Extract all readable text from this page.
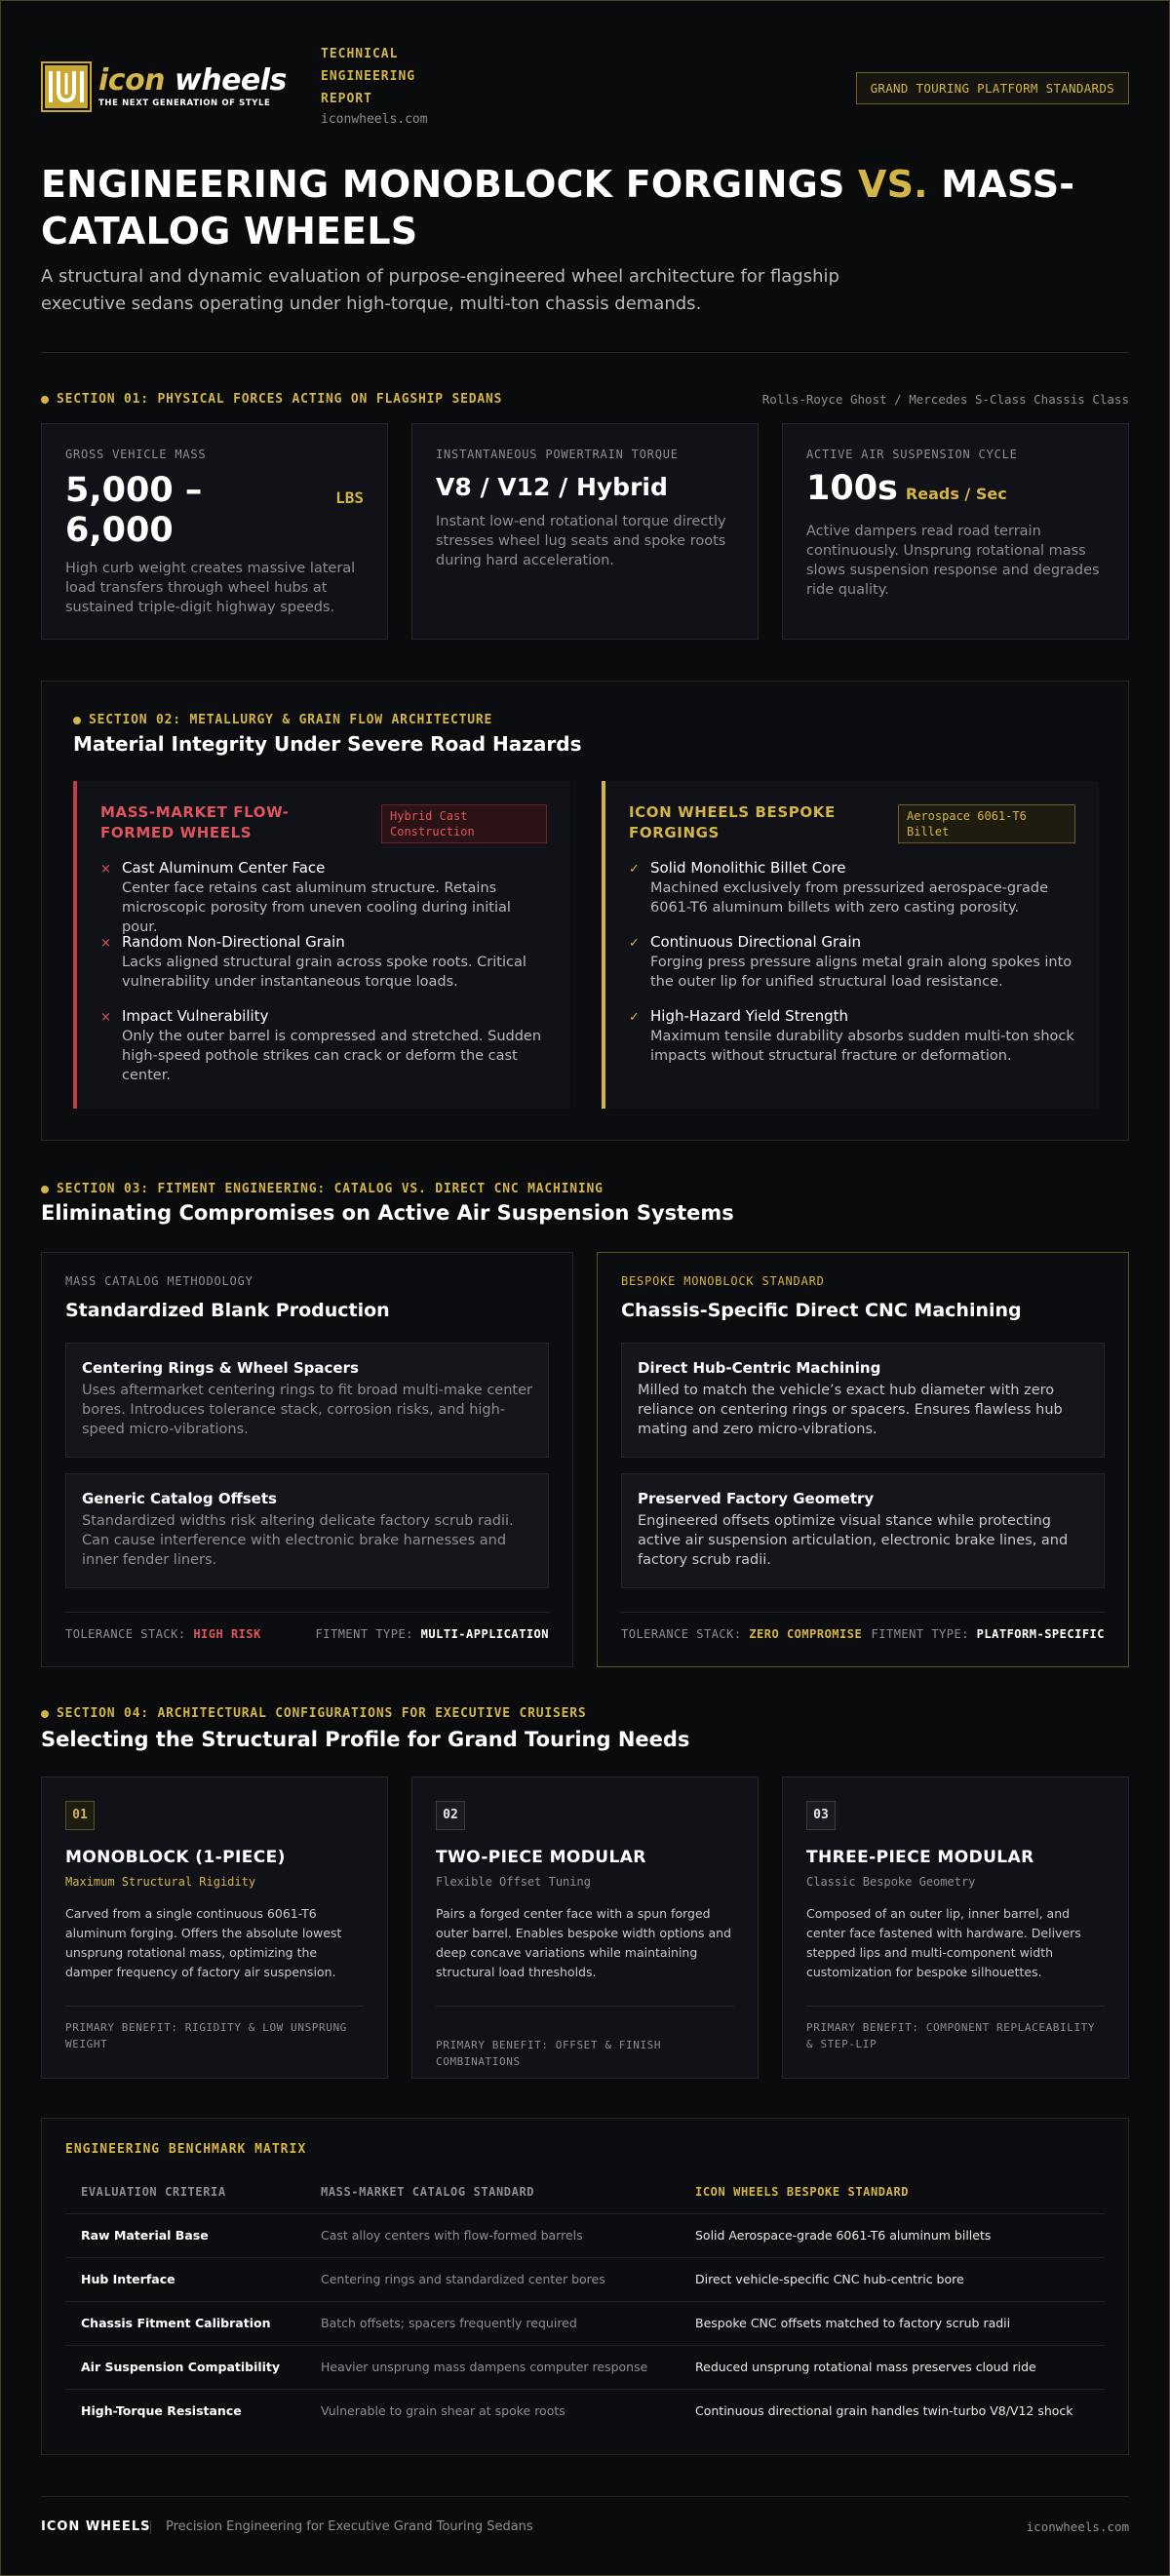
icon wheels
THE NEXT GENERATION OF STYLE
TECHNICAL ENGINEERING REPORT
iconwheels.com
GRAND TOURING PLATFORM STANDARDS
ENGINEERING MONOBLOCK FORGINGS VS. MASS-CATALOG WHEELS

A structural and dynamic evaluation of purpose-engineered wheel architecture for flagship executive sedans operating under high-torque, multi-ton chassis demands.

SECTION 01: PHYSICAL FORCES ACTING ON FLAGSHIP SEDANS	Rolls-Royce Ghost / Mercedes S-Class Chassis Class
GROSS VEHICLE MASS
5,000 – 6,000
LBS
High curb weight creates massive lateral load transfers through wheel hubs at sustained triple-digit highway speeds.
INSTANTANEOUS POWERTRAIN TORQUE
V8 / V12 / Hybrid
Instant low-end rotational torque directly stresses wheel lug seats and spoke roots during hard acceleration.
ACTIVE AIR SUSPENSION CYCLE
100s Reads / Sec
Active dampers read road terrain continuously. Unsprung rotational mass slows suspension response and degrades ride quality.
SECTION 02: METALLURGY & GRAIN FLOW ARCHITECTURE
Material Integrity Under Severe Road Hazards
MASS-MARKET FLOW-FORMED WHEELS
Hybrid Cast Construction
× Cast Aluminum Center Face
Center face retains cast aluminum structure. Retains microscopic porosity from uneven cooling during initial pour.
× Random Non-Directional Grain
Lacks aligned structural grain across spoke roots. Critical vulnerability under instantaneous torque loads.
× Impact Vulnerability
Only the outer barrel is compressed and stretched. Sudden high-speed pothole strikes can crack or deform the cast center.
ICON WHEELS BESPOKE FORGINGS
Aerospace 6061-T6 Billet
✓ Solid Monolithic Billet Core
Machined exclusively from pressurized aerospace-grade 6061-T6 aluminum billets with zero casting porosity.
✓ Continuous Directional Grain
Forging press pressure aligns metal grain along spokes into the outer lip for unified structural load resistance.
✓ High-Hazard Yield Strength
Maximum tensile durability absorbs sudden multi-ton shock impacts without structural fracture or deformation.
SECTION 03: FITMENT ENGINEERING: CATALOG VS. DIRECT CNC MACHINING
Eliminating Compromises on Active Air Suspension Systems
MASS CATALOG METHODOLOGY
Standardized Blank Production
Centering Rings & Wheel Spacers
Uses aftermarket centering rings to fit broad multi-make center bores. Introduces tolerance stack, corrosion risks, and high-speed micro-vibrations.
Generic Catalog Offsets
Standardized widths risk altering delicate factory scrub radii. Can cause interference with electronic brake harnesses and inner fender liners.
TOLERANCE STACK: HIGH RISK	FITMENT TYPE: MULTI-APPLICATION
BESPOKE MONOBLOCK STANDARD
Chassis-Specific Direct CNC Machining
Direct Hub-Centric Machining
Milled to match the vehicle’s exact hub diameter with zero reliance on centering rings or spacers. Ensures flawless hub mating and zero micro-vibrations.
Preserved Factory Geometry
Engineered offsets optimize visual stance while protecting active air suspension articulation, electronic brake lines, and factory scrub radii.
TOLERANCE STACK: ZERO COMPROMISE FITMENT TYPE: PLATFORM-SPECIFIC
SECTION 04: ARCHITECTURAL CONFIGURATIONS FOR EXECUTIVE CRUISERS
Selecting the Structural Profile for Grand Touring Needs
01
MONOBLOCK (1-PIECE)
Maximum Structural Rigidity
Carved from a single continuous 6061-T6 aluminum forging. Offers the absolute lowest unsprung rotational mass, optimizing the damper frequency of factory air suspension.
PRIMARY BENEFIT: RIGIDITY & LOW UNSPRUNG WEIGHT
02
TWO-PIECE MODULAR
Flexible Offset Tuning
Pairs a forged center face with a spun forged outer barrel. Enables bespoke width options and deep concave variations while maintaining structural load thresholds.
PRIMARY BENEFIT: OFFSET & FINISH COMBINATIONS
03
THREE-PIECE MODULAR
Classic Bespoke Geometry
Composed of an outer lip, inner barrel, and center face fastened with hardware. Delivers stepped lips and multi-component width customization for bespoke silhouettes.
PRIMARY BENEFIT: COMPONENT REPLACEABILITY & STEP-LIP
ENGINEERING BENCHMARK MATRIX
EVALUATION CRITERIA	MASS-MARKET CATALOG STANDARD	ICON WHEELS BESPOKE STANDARD
Raw Material Base	Cast alloy centers with flow-formed barrels	Solid Aerospace-grade 6061-T6 aluminum billets
Hub Interface	Centering rings and standardized center bores	Direct vehicle-specific CNC hub-centric bore
Chassis Fitment Calibration	Batch offsets; spacers frequently required	Bespoke CNC offsets matched to factory scrub radii
Air Suspension Compatibility	Heavier unsprung mass dampens computer response	Reduced unsprung rotational mass preserves cloud ride
High-Torque Resistance	Vulnerable to grain shear at spoke roots	Continuous directional grain handles twin-turbo V8/V12 shock
ICON WHEELS Precision Engineering for Executive Grand Touring Sedans	iconwheels.com
